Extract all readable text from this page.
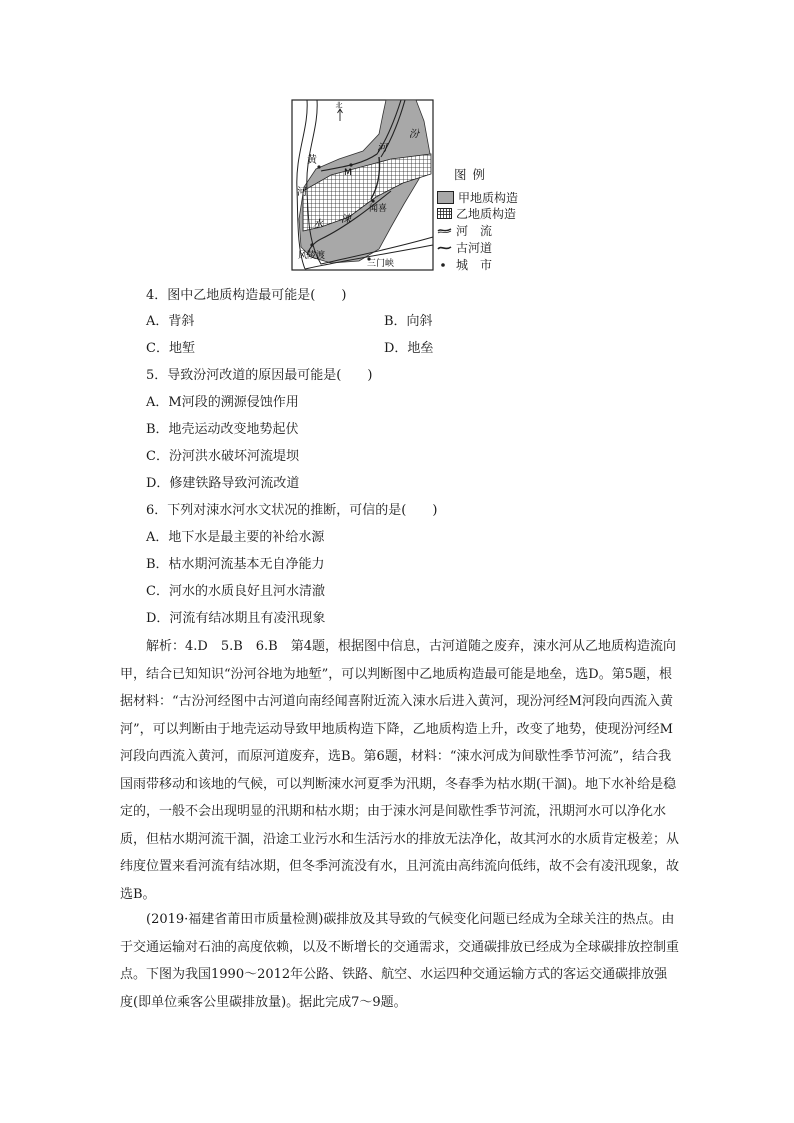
北
汾
河
M
黄
河
闻喜
水 涑
风陵渡
三门峡
图例
甲地质构造
乙地质构造
河　流
古河道
城　市
4．图中乙地质构造最可能是(　　)
A．背斜	B．向斜
C．地堑	D．地垒
5．导致汾河改道的原因最可能是(　　)
A．M河段的溯源侵蚀作用
B．地壳运动改变地势起伏
C．汾河洪水破坏河流堤坝
D．修建铁路导致河流改道
6．下列对涑水河水文状况的推断，可信的是(　　)
A．地下水是最主要的补给水源
B．枯水期河流基本无自净能力
C．河水的水质良好且河水清澈
D．河流有结冰期且有凌汛现象

解析：4.D　5.B　6.B　第4题，根据图中信息，古河道随之废弃，涑水河从乙地质构造流向甲，结合已知知识“汾河谷地为地堑”，可以判断图中乙地质构造最可能是地垒，选D。第5题，根据材料：“古汾河经图中古河道向南经闻喜附近流入涑水后进入黄河，现汾河经M河段向西流入黄河”，可以判断由于地壳运动导致甲地质构造下降，乙地质构造上升，改变了地势，使现汾河经M河段向西流入黄河，而原河道废弃，选B。第6题，材料：“涑水河成为间歇性季节河流”，结合我国雨带移动和该地的气候，可以判断涑水河夏季为汛期，冬春季为枯水期(干涸)。地下水补给是稳定的，一般不会出现明显的汛期和枯水期；由于涑水河是间歇性季节河流，汛期河水可以净化水质，但枯水期河流干涸，沿途工业污水和生活污水的排放无法净化，故其河水的水质肯定极差；从纬度位置来看河流有结冰期，但冬季河流没有水，且河流由高纬流向低纬，故不会有凌汛现象，故选B。

(2019·福建省莆田市质量检测)碳排放及其导致的气候变化问题已经成为全球关注的热点。由于交通运输对石油的高度依赖，以及不断增长的交通需求，交通碳排放已经成为全球碳排放控制重点。下图为我国1990～2012年公路、铁路、航空、水运四种交通运输方式的客运交通碳排放强度(即单位乘客公里碳排放量)。据此完成7～9题。
